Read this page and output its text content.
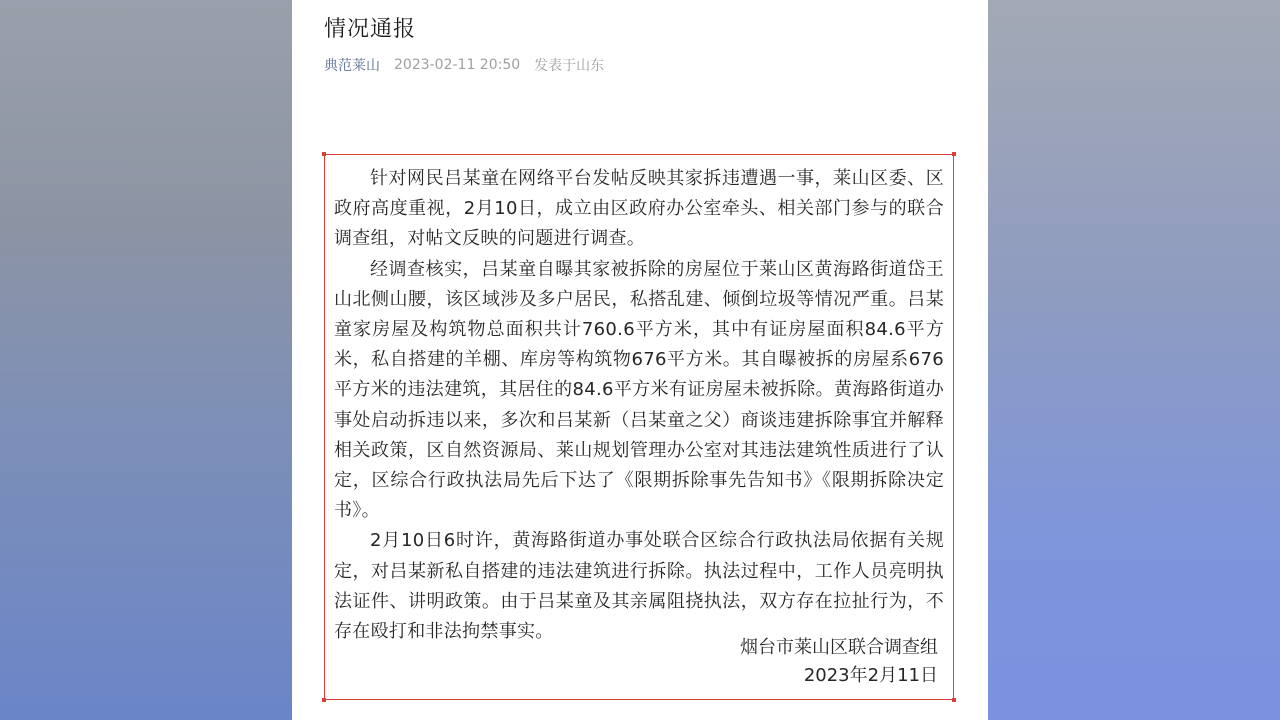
情况通报
典范莱山 2023-02-11 20:50 发表于山东

针对网民吕某童在网络平台发帖反映其家拆违遭遇一事，莱山区委、区政府高度重视，2月10日，成立由区政府办公室牵头、相关部门参与的联合调查组，对帖文反映的问题进行调查。

经调查核实，吕某童自曝其家被拆除的房屋位于莱山区黄海路街道岱王山北侧山腰，该区域涉及多户居民，私搭乱建、倾倒垃圾等情况严重。吕某童家房屋及构筑物总面积共计760.6平方米，其中有证房屋面积84.6平方米，私自搭建的羊棚、库房等构筑物676平方米。其自曝被拆的房屋系676平方米的违法建筑，其居住的84.6平方米有证房屋未被拆除。黄海路街道办事处启动拆违以来，多次和吕某新（吕某童之父）商谈违建拆除事宜并解释相关政策，区自然资源局、莱山规划管理办公室对其违法建筑性质进行了认定，区综合行政执法局先后下达了《限期拆除事先告知书》《限期拆除决定书》。

2月10日6时许，黄海路街道办事处联合区综合行政执法局依据有关规定，对吕某新私自搭建的违法建筑进行拆除。执法过程中，工作人员亮明执法证件、讲明政策。由于吕某童及其亲属阻挠执法，双方存在拉扯行为，不存在殴打和非法拘禁事实。

烟台市莱山区联合调查组
2023年2月11日
